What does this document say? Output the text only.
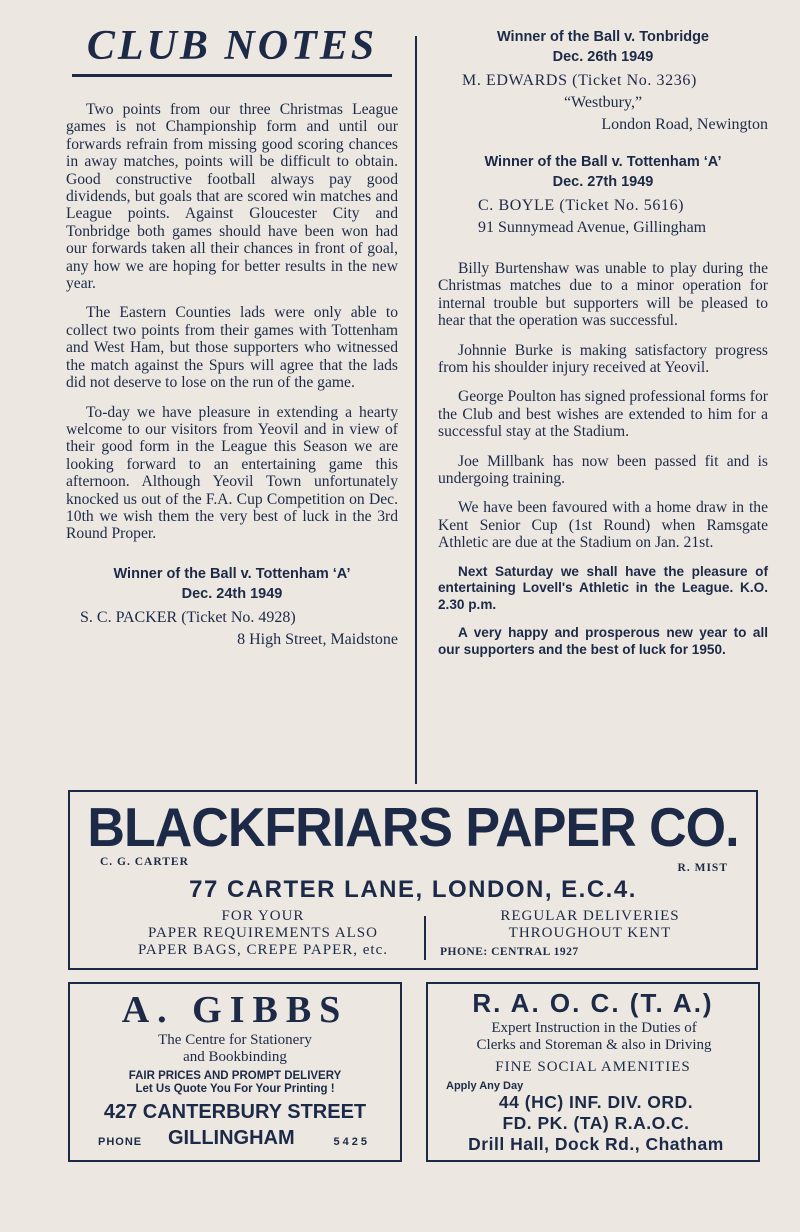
CLUB NOTES

Two points from our three Christmas League games is not Championship form and until our forwards refrain from missing good scoring chances in away matches, points will be difficult to obtain. Good constructive football always pay good dividends, but goals that are scored win matches and League points. Against Gloucester City and Tonbridge both games should have been won had our forwards taken all their chances in front of goal, any how we are hoping for better results in the new year.

The Eastern Counties lads were only able to collect two points from their games with Tottenham and West Ham, but those supporters who witnessed the match against the Spurs will agree that the lads did not deserve to lose on the run of the game.

To-day we have pleasure in extending a hearty welcome to our visitors from Yeovil and in view of their good form in the League this Season we are looking forward to an entertaining game this afternoon. Although Yeovil Town unfortunately knocked us out of the F.A. Cup Competition on Dec. 10th we wish them the very best of luck in the 3rd Round Proper.

Winner of the Ball v. Tottenham ‘A’

Dec. 24th 1949

S. C. PACKER (Ticket No. 4928)

8 High Street, Maidstone

Winner of the Ball v. Tonbridge

Dec. 26th 1949

M. EDWARDS (Ticket No. 3236)

“Westbury,”

London Road, Newington

Winner of the Ball v. Tottenham ‘A’

Dec. 27th 1949

C. BOYLE (Ticket No. 5616)

91 Sunnymead Avenue, Gillingham

Billy Burtenshaw was unable to play during the Christmas matches due to a minor operation for internal trouble but supporters will be pleased to hear that the operation was successful.

Johnnie Burke is making satisfactory progress from his shoulder injury received at Yeovil.

George Poulton has signed professional forms for the Club and best wishes are extended to him for a successful stay at the Stadium.

Joe Millbank has now been passed fit and is undergoing training.

We have been favoured with a home draw in the Kent Senior Cup (1st Round) when Ramsgate Athletic are due at the Stadium on Jan. 21st.

Next Saturday we shall have the pleasure of entertaining Lovell's Athletic in the League. K.O. 2.30 p.m.

A very happy and prosperous new year to all our supporters and the best of luck for 1950.

BLACKFRIARS PAPER CO.
C. G. CARTER	R. MIST
77 CARTER LANE, LONDON, E.C.4.
FOR YOUR
PAPER REQUIREMENTS ALSO
PAPER BAGS, CREPE PAPER, etc.
REGULAR DELIVERIES
THROUGHOUT KENT
PHONE: CENTRAL 1927
A. GIBBS
The Centre for Stationery
and Bookbinding
FAIR PRICES AND PROMPT DELIVERY
Let Us Quote You For Your Printing !
427 CANTERBURY STREET
PHONE GILLINGHAM	5425
R. A. O. C. (T. A.)
Expert Instruction in the Duties of
Clerks and Storeman & also in Driving
FINE SOCIAL AMENITIES
Apply Any Day
44 (HC) INF. DIV. ORD.
FD. PK. (TA) R.A.O.C.
Drill Hall, Dock Rd., Chatham
